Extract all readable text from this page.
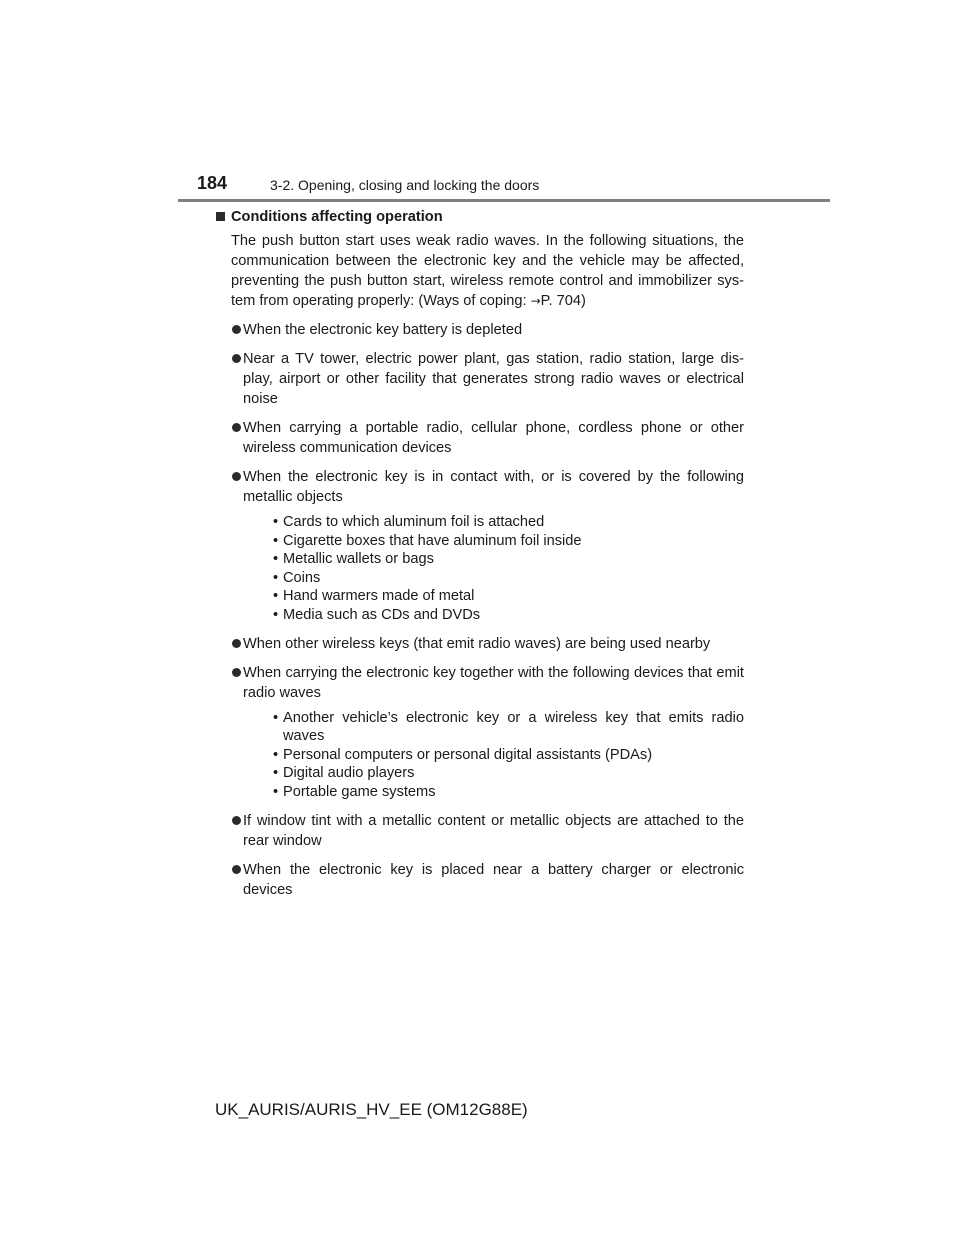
184	3-2. Opening, closing and locking the doors
Conditions affecting operation

The push button start uses weak radio waves. In the following situations, the communication between the electronic key and the vehicle may be affected, preventing the push button start, wireless remote control and immobilizer sys- tem from operating properly: (Ways of coping: →P. 704)

When the electronic key battery is depleted
Near a TV tower, electric power plant, gas station, radio station, large dis- play, airport or other facility that generates strong radio waves or electrical noise
When carrying a portable radio, cellular phone, cordless phone or other wireless communication devices
When the electronic key is in contact with, or is covered by the following metallic objects
• Cards to which aluminum foil is attached
• Cigarette boxes that have aluminum foil inside
• Metallic wallets or bags
• Coins
• Hand warmers made of metal
• Media such as CDs and DVDs
When other wireless keys (that emit radio waves) are being used nearby
When carrying the electronic key together with the following devices that emit radio waves
• Another vehicle’s electronic key or a wireless key that emits radio waves
• Personal computers or personal digital assistants (PDAs)
• Digital audio players
• Portable game systems
If window tint with a metallic content or metallic objects are attached to the rear window
When the electronic key is placed near a battery charger or electronic devices
UK_AURIS/AURIS_HV_EE (OM12G88E)
